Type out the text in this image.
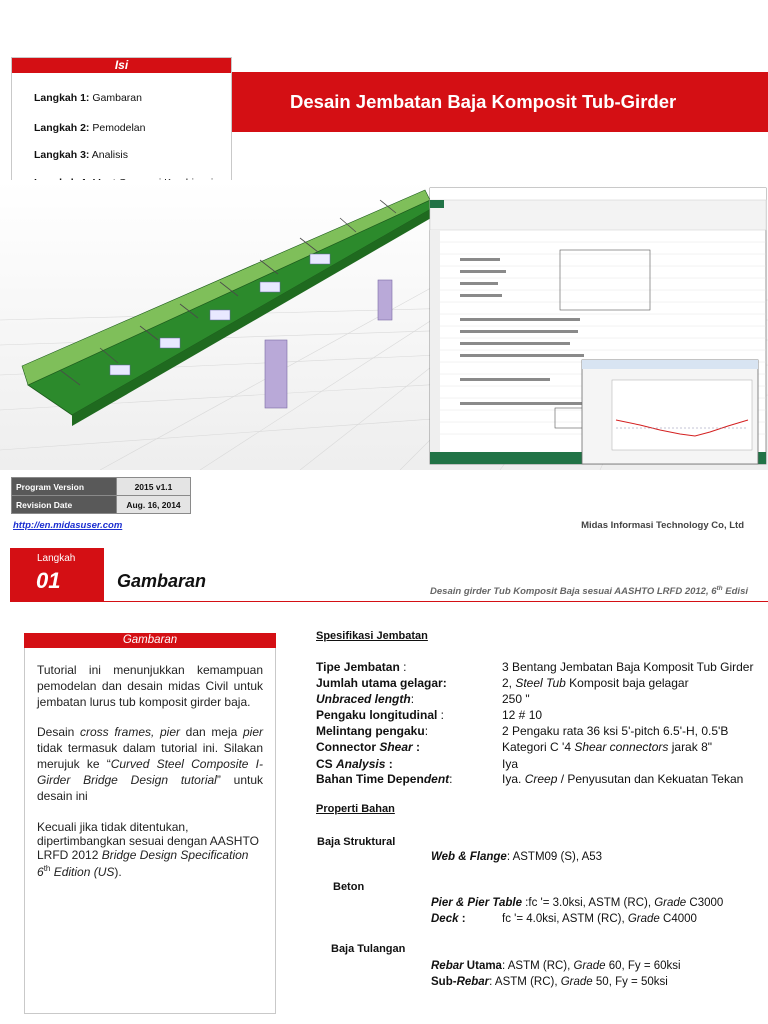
Isi
Langkah 1: Gambaran
Langkah 2: Pemodelan
Langkah 3: Analisis
Desain Jembatan Baja Komposit Tub-Girder
Program Version	2015 v1.1
Revision Date	Aug. 16, 2014
http://en.midasuser.com	Midas Informasi Technology Co, Ltd
Langkah
01	Gambaran
Desain girder Tub Komposit Baja sesuai AASHTO LRFD 2012, 6th Edisi
Gambaran
Tutorial ini menunjukkan kemampuan pemodelan dan desain midas Civil untuk jembatan lurus tub komposit girder baja.
Desain cross frames, pier dan meja pier tidak termasuk dalam tutorial ini. Silakan merujuk ke “Curved Steel Composite I-Girder Bridge Design tutorial” untuk desain ini
Kecuali jika tidak ditentukan, dipertimbangkan sesuai dengan AASHTO LRFD 2012 Bridge Design Specification 6th Edition (US).
Spesifikasi Jembatan
Tipe Jembatan :	3 Bentang Jembatan Baja Komposit Tub Girder
Jumlah utama gelagar:	2, Steel Tub Komposit baja gelagar
Unbraced length:	250 "
Pengaku longitudinal :	12 # 10
Melintang pengaku:	2 Pengaku rata 36 ksi 5'-pitch 6.5'-H, 0.5'B
Connector Shear :	Kategori C '4 Shear connectors jarak 8"
CS Analysis :	Iya
Bahan Time Dependent:	Iya. Creep / Penyusutan dan Kekuatan Tekan
Properti Bahan
Baja Struktural
Web & Flange: ASTM09 (S), A53
Beton
Pier & Pier Table :fc '= 3.0ksi, ASTM (RC), Grade C3000
Deck :	fc '= 4.0ksi, ASTM (RC), Grade C4000
Baja Tulangan
Rebar Utama: ASTM (RC), Grade 60, Fy = 60ksi
Sub-Rebar: ASTM (RC), Grade 50, Fy = 50ksi
